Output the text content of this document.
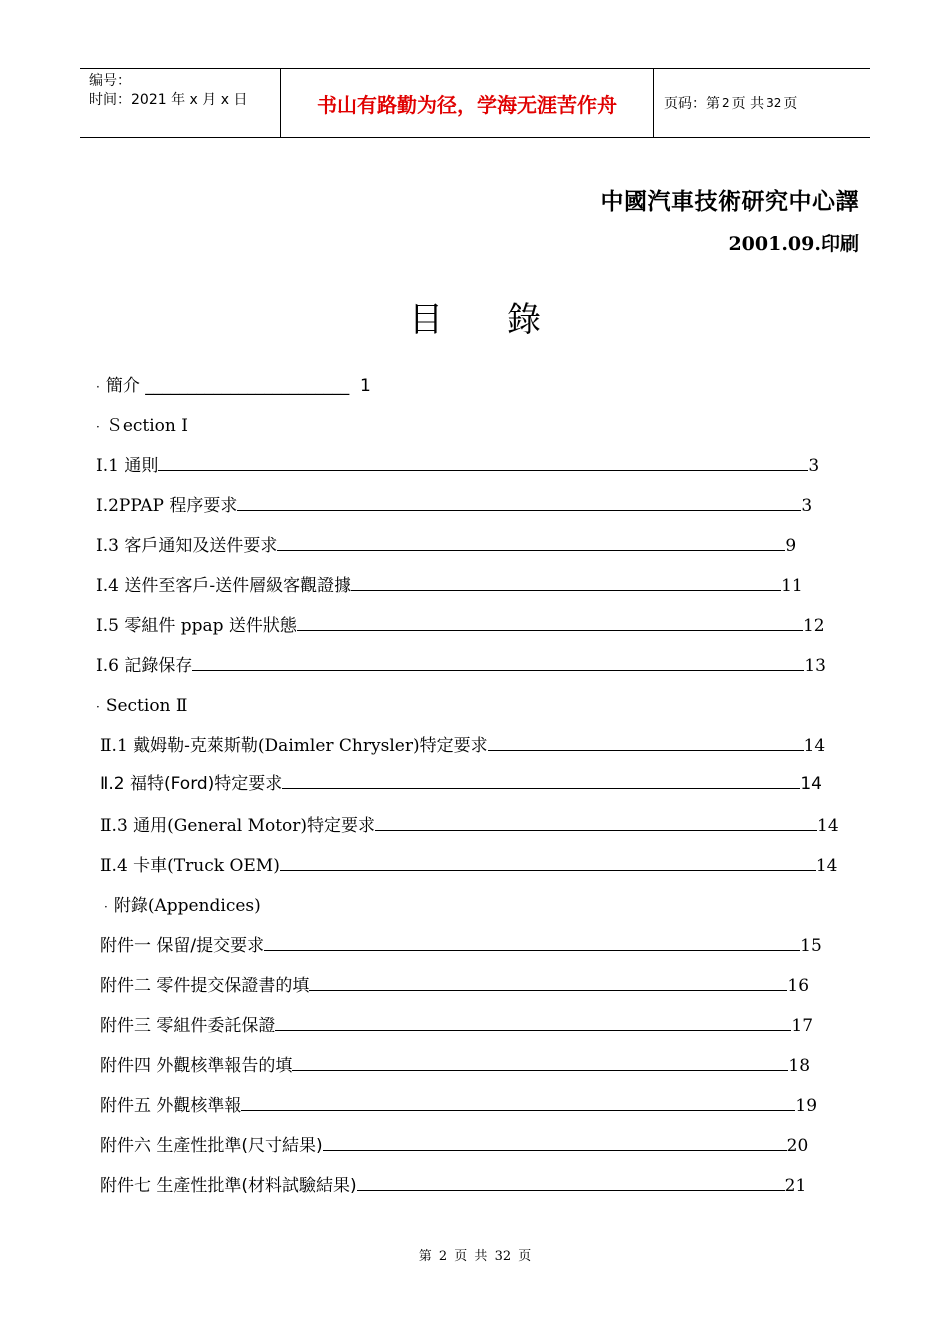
编号：
时间：2021 年 x 月 x 日	书山有路勤为径，学海无涯苦作舟	页码：第 2 页 共 32 页
中國汽車技術研究中心譯
2001.09.印刷
目 錄
· 簡介 ________________________ 1
· Ｓection Ⅰ
I.1 通則	3
I.2PPAP 程序要求	3
I.3 客戶通知及送件要求	9
I.4 送件至客戶-送件層級客觀證據	11
I.5 零組件 ppap 送件狀態	12
I.6 記錄保存	13
· Section Ⅱ
Ⅱ.1 戴姆勒-克萊斯勒(Daimler Chrysler)特定要求	14
Ⅱ.2 福特(Ford)特定要求	14
Ⅱ.3 通用(General Motor)特定要求	14
Ⅱ.4 卡車(Truck OEM)	14
· 附錄(Appendices)
附件一 保留/提交要求	15
附件二 零件提交保證書的填	16
附件三 零組件委託保證	17
附件四 外觀核準報告的填	18
附件五 外觀核準報	19
附件六 生產性批準(尺寸結果)	20
附件七 生產性批準(材料試驗結果)	21
第 2 页 共 32 页
